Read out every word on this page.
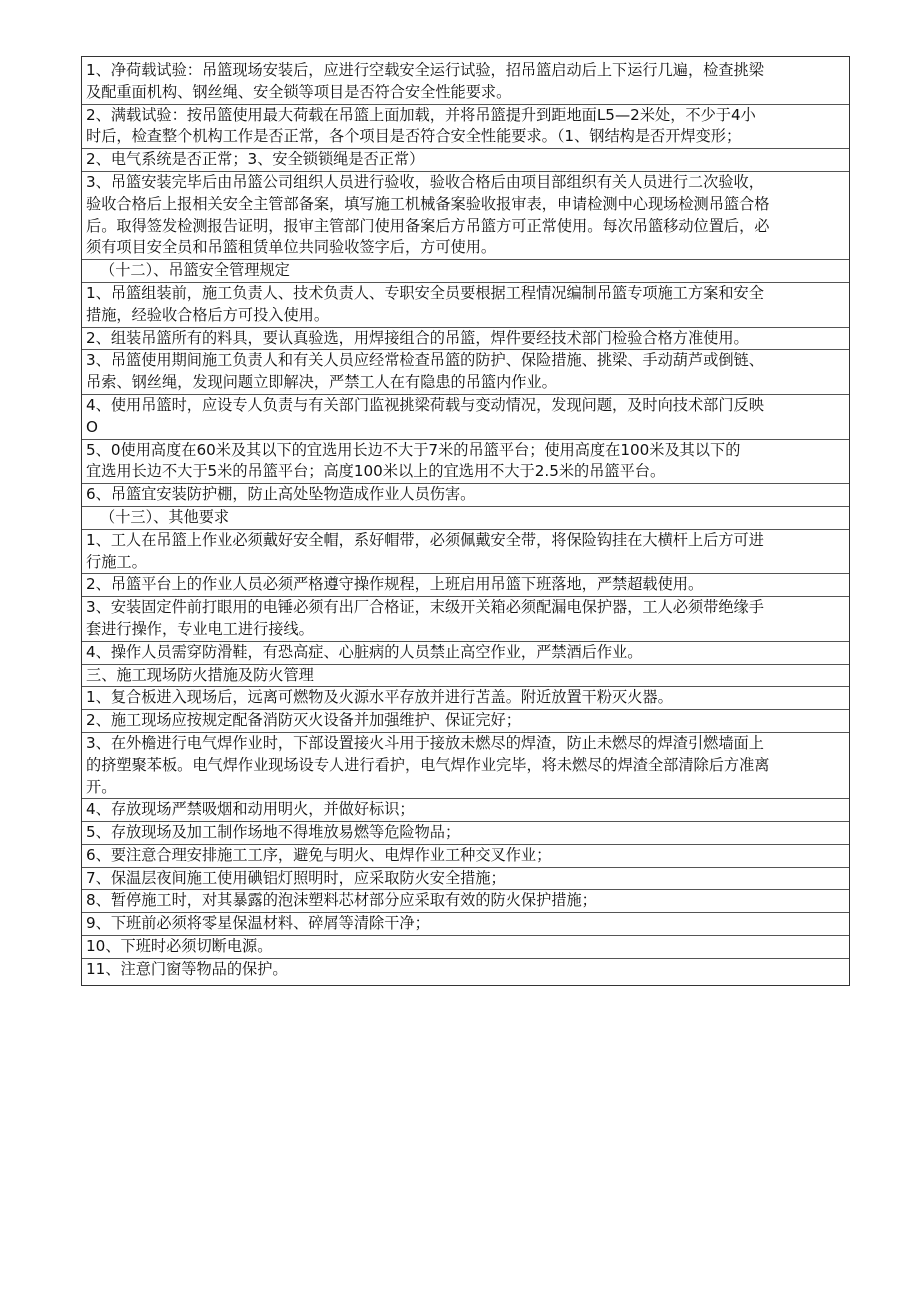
1、净荷载试验：吊篮现场安装后，应进行空载安全运行试验，招吊篮启动后上下运行几遍，检查挑梁
及配重面机构、钢丝绳、安全锁等项目是否符合安全性能要求。
2、满载试验：按吊篮使用最大荷载在吊篮上面加载，并将吊篮提升到距地面L5—2米处，不少于4小
时后，检查整个机构工作是否正常，各个项目是否符合安全性能要求。（1、钢结构是否开焊变形；
2、电气系统是否正常；3、安全锁锁绳是否正常）
3、吊篮安装完毕后由吊篮公司组织人员进行验收，验收合格后由项目部组织有关人员进行二次验收，
验收合格后上报相关安全主管部备案，填写施工机械备案验收报审表，申请检测中心现场检测吊篮合格
后。取得签发检测报告证明，报审主管部门使用备案后方吊篮方可正常使用。每次吊篮移动位置后，必
须有项目安全员和吊篮租赁单位共同验收签字后，方可使用。
（十二）、吊篮安全管理规定
1、吊篮组装前，施工负责人、技术负责人、专职安全员要根据工程情况编制吊篮专项施工方案和安全
措施，经验收合格后方可投入使用。
2、组装吊篮所有的料具，要认真验选，用焊接组合的吊篮，焊件要经技术部门检验合格方准使用。
3、吊篮使用期间施工负责人和有关人员应经常检查吊篮的防护、保险措施、挑梁、手动葫芦或倒链、
吊索、钢丝绳，发现问题立即解决，严禁工人在有隐患的吊篮内作业。
4、使用吊篮时，应设专人负责与有关部门监视挑梁荷载与变动情况，发现问题，及时向技术部门反映
O
5、0使用高度在60米及其以下的宜选用长边不大于7米的吊篮平台；使用高度在100米及其以下的
宜选用长边不大于5米的吊篮平台；高度100米以上的宜选用不大于2.5米的吊篮平台。
6、吊篮宜安装防护棚，防止高处坠物造成作业人员伤害。
（十三）、其他要求
1、工人在吊篮上作业必须戴好安全帽，系好帽带，必须佩戴安全带，将保险钩挂在大横杆上后方可进
行施工。
2、吊篮平台上的作业人员必须严格遵守操作规程，上班启用吊篮下班落地，严禁超载使用。
3、安装固定件前打眼用的电锤必须有出厂合格证，末级开关箱必须配漏电保护器，工人必须带绝缘手
套进行操作，专业电工进行接线。
4、操作人员需穿防滑鞋，有恐高症、心脏病的人员禁止高空作业，严禁酒后作业。
三、施工现场防火措施及防火管理
1、复合板进入现场后，远离可燃物及火源水平存放并进行苫盖。附近放置干粉灭火器。
2、施工现场应按规定配备消防灭火设备并加强维护、保证完好；
3、在外檐进行电气焊作业时，下部设置接火斗用于接放未燃尽的焊渣，防止未燃尽的焊渣引燃墙面上
的挤塑聚苯板。电气焊作业现场设专人进行看护，电气焊作业完毕，将未燃尽的焊渣全部清除后方准离
开。
4、存放现场严禁吸烟和动用明火，并做好标识；
5、存放现场及加工制作场地不得堆放易燃等危险物品；
6、要注意合理安排施工工序，避免与明火、电焊作业工种交叉作业；
7、保温层夜间施工使用碘铝灯照明时，应采取防火安全措施；
8、暂停施工时，对其暴露的泡沫塑料芯材部分应采取有效的防火保护措施；
9、下班前必须将零星保温材料、碎屑等清除干净；
10、下班时必须切断电源。
11、注意门窗等物品的保护。
